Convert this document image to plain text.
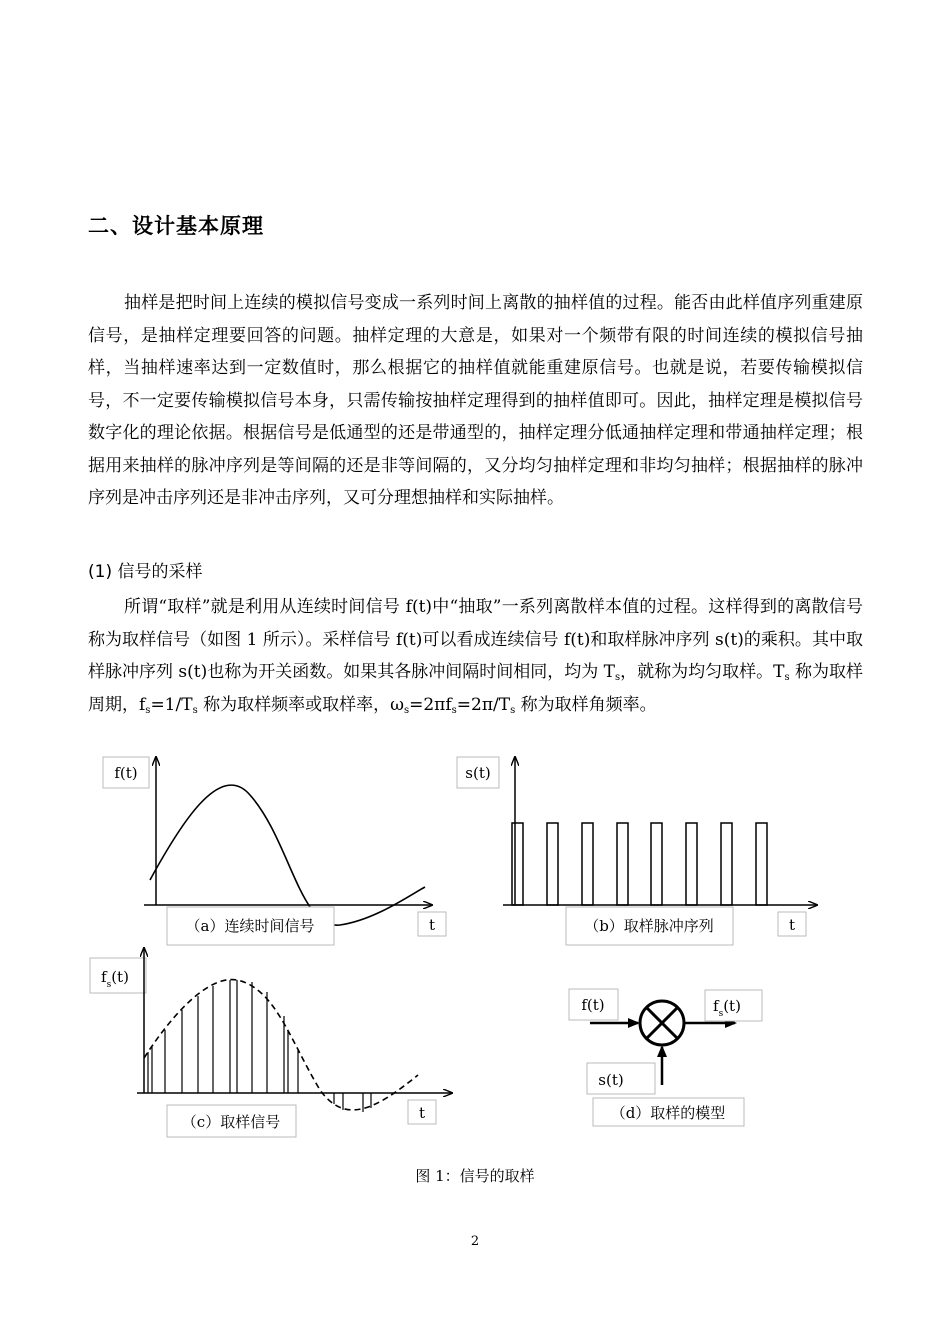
二、设计基本原理

抽样是把时间上连续的模拟信号变成一系列时间上离散的抽样值的过程。能否由此样值序列重建原信号，是抽样定理要回答的问题。抽样定理的大意是，如果对一个频带有限的时间连续的模拟信号抽样，当抽样速率达到一定数值时，那么根据它的抽样值就能重建原信号。也就是说，若要传输模拟信号，不一定要传输模拟信号本身，只需传输按抽样定理得到的抽样值即可。因此，抽样定理是模拟信号数字化的理论依据。根据信号是低通型的还是带通型的，抽样定理分低通抽样定理和带通抽样定理；根据用来抽样的脉冲序列是等间隔的还是非等间隔的，又分均匀抽样定理和非均匀抽样；根据抽样的脉冲序列是冲击序列还是非冲击序列，又可分理想抽样和实际抽样。

(1) 信号的采样

所谓“取样”就是利用从连续时间信号 f(t)中“抽取”一系列离散样本值的过程。这样得到的离散信号称为取样信号（如图 1 所示）。采样信号 f(t)可以看成连续信号 f(t)和取样脉冲序列 s(t)的乘积。其中取样脉冲序列 s(t)也称为开关函数。如果其各脉冲间隔时间相同，均为 $T_s$，就称为均匀取样。$T_s$ 称为取样周期，$f_s=1/T_s$ 称为取样频率或取样率，$\omega_s=2\pi f_s=2\pi/T_s$ 称为取样角频率。

f(t)
（a）连续时间信号	t
s(t)
（b）取样脉冲序列	t
$f_s(t)$
（c）取样信号	t
f(t)	$f_s(t)$
s(t)
（d）取样的模型
图 1：信号的取样
2
